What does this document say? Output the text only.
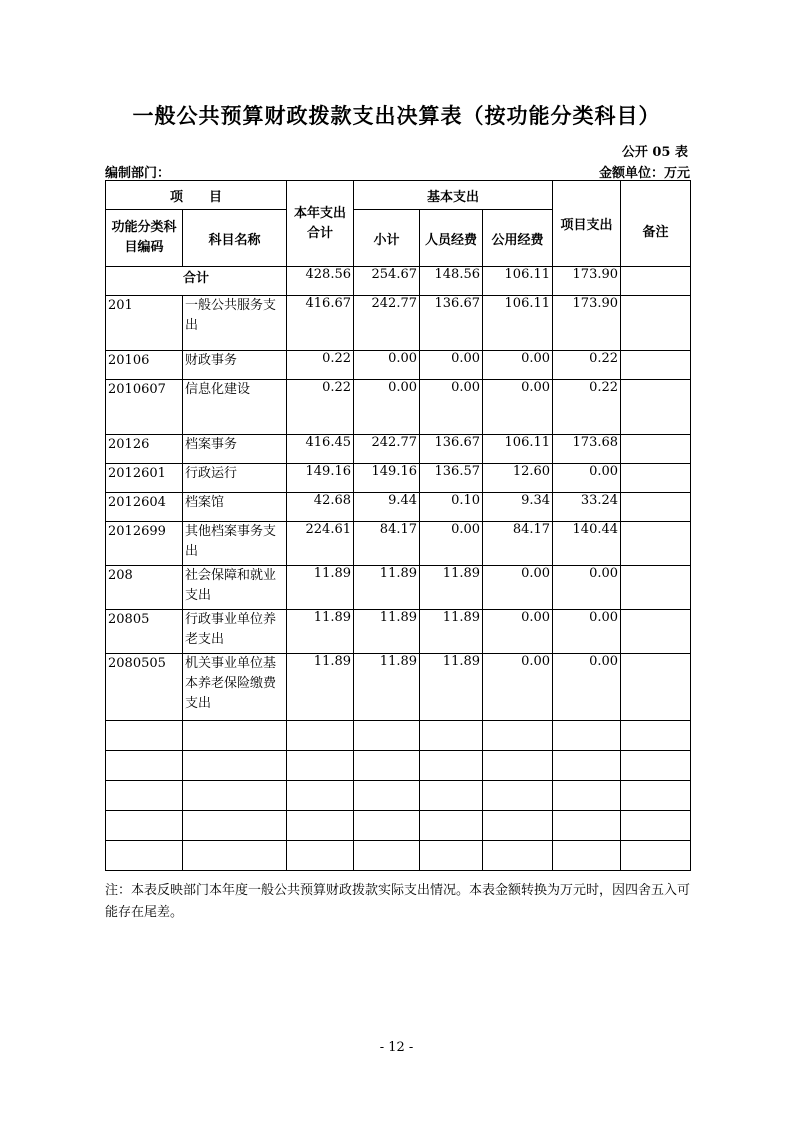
一般公共预算财政拨款支出决算表（按功能分类科目）
公开 05 表
编制部门：	金额单位：万元
项　　目		本年支出合计	基本支出			项目支出	备注
功能分类科目编码	科目名称		小计	人员经费	公用经费		
合计		428.56	254.67	148.56	106.11	173.90	
201	一般公共服务支出	416.67	242.77	136.67	106.11	173.90	
20106	财政事务	0.22	0.00	0.00	0.00	0.22	
2010607	信息化建设	0.22	0.00	0.00	0.00	0.22	
20126	档案事务	416.45	242.77	136.67	106.11	173.68	
2012601	行政运行	149.16	149.16	136.57	12.60	0.00	
2012604	档案馆	42.68	9.44	0.10	9.34	33.24	
2012699	其他档案事务支出	224.61	84.17	0.00	84.17	140.44	
208	社会保障和就业支出	11.89	11.89	11.89	0.00	0.00	
20805	行政事业单位养老支出	11.89	11.89	11.89	0.00	0.00	
2080505	机关事业单位基本养老保险缴费支出	11.89	11.89	11.89	0.00	0.00	

注：本表反映部门本年度一般公共预算财政拨款实际支出情况。本表金额转换为万元时，因四舍五入可能存在尾差。
- 12 -
